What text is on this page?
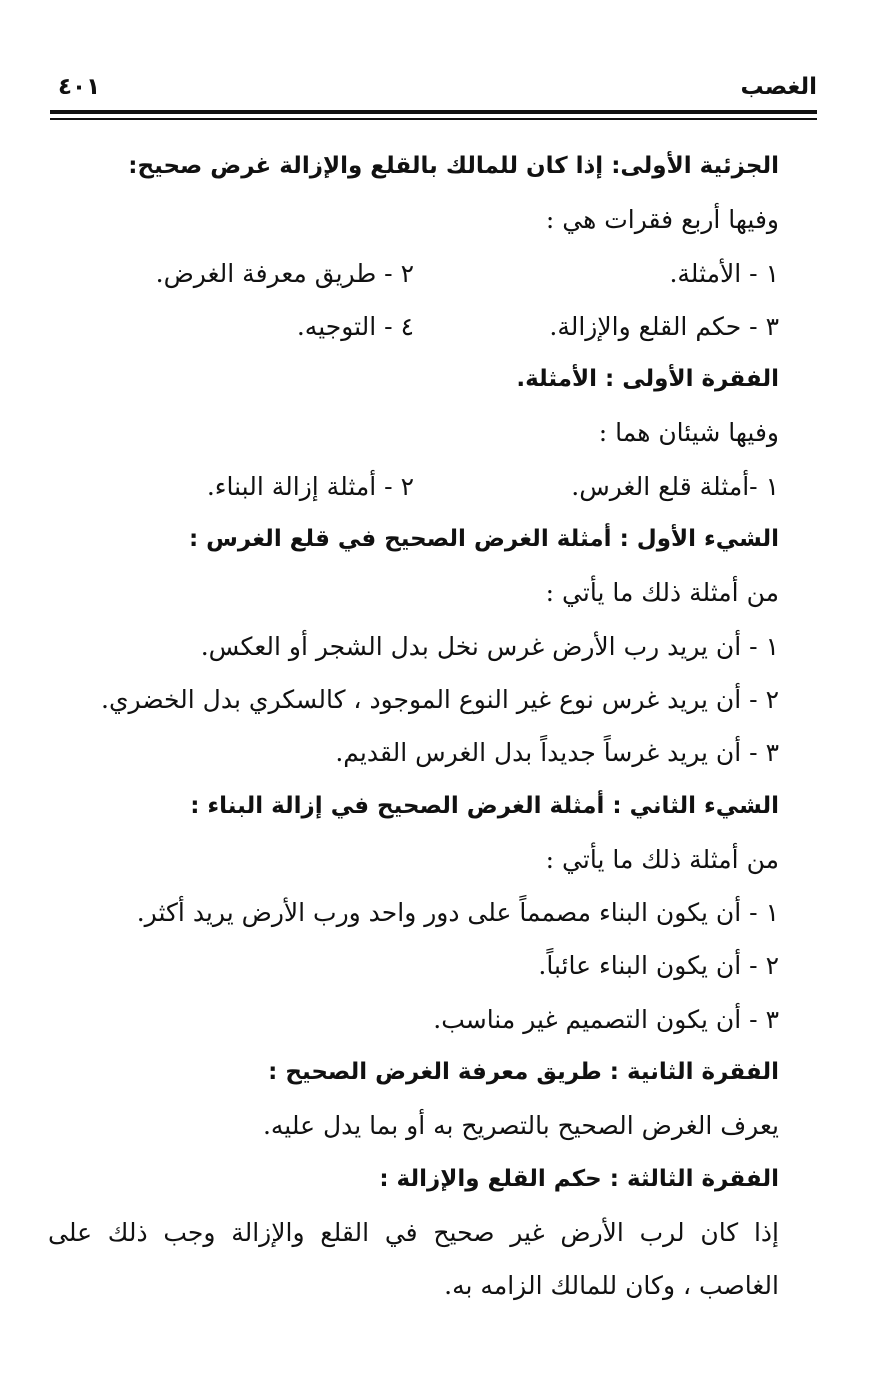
الغصب
٤٠١
الجزئية الأولى: إذا كان للمالك بالقلع والإزالة غرض صحيح:
وفيها أربع فقرات هي :
١ - الأمثلة.
٢ - طريق معرفة الغرض.
٣ - حكم القلع والإزالة.
٤ - التوجيه.
الفقرة الأولى : الأمثلة.
وفيها شيئان هما :
١ -أمثلة قلع الغرس.
٢ - أمثلة إزالة البناء.
الشيء الأول : أمثلة الغرض الصحيح في قلع الغرس :
من أمثلة ذلك ما يأتي :
١ - أن يريد رب الأرض غرس نخل بدل الشجر أو العكس.
٢ - أن يريد غرس نوع غير النوع الموجود ، كالسكري بدل الخضري.
٣ - أن يريد غرساً جديداً بدل الغرس القديم.
الشيء الثاني : أمثلة الغرض الصحيح في إزالة البناء :
من أمثلة ذلك ما يأتي :
١ - أن يكون البناء مصمماً على دور واحد ورب الأرض يريد أكثر.
٢ - أن يكون البناء عائباً.
٣ - أن يكون التصميم غير مناسب.
الفقرة الثانية : طريق معرفة الغرض الصحيح :
يعرف الغرض الصحيح بالتصريح به أو بما يدل عليه.
الفقرة الثالثة : حكم القلع والإزالة :
إذا كان لرب الأرض غير صحيح في القلع والإزالة وجب ذلك على
الغاصب ، وكان للمالك الزامه به.
